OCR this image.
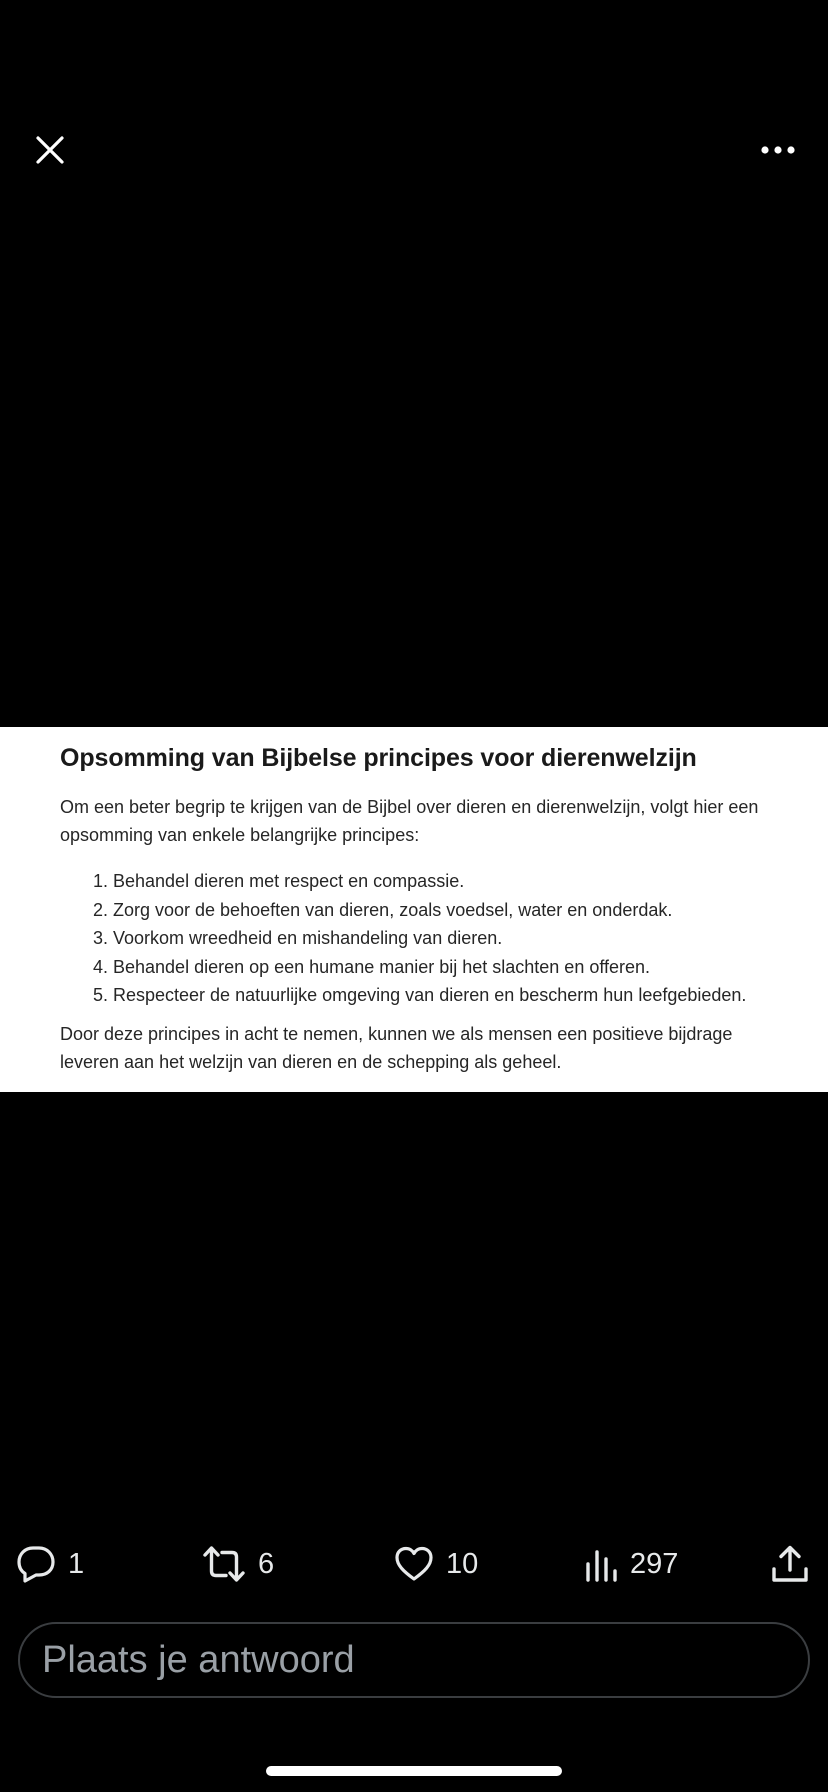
Opsomming van Bijbelse principes voor dierenwelzijn

Om een beter begrip te krijgen van de Bijbel over dieren en dierenwelzijn, volgt hier een opsomming van enkele belangrijke principes:

1. Behandel dieren met respect en compassie.
2. Zorg voor de behoeften van dieren, zoals voedsel, water en onderdak.
3. Voorkom wreedheid en mishandeling van dieren.
4. Behandel dieren op een humane manier bij het slachten en offeren.
5. Respecteer de natuurlijke omgeving van dieren en bescherm hun leefgebieden.

Door deze principes in acht te nemen, kunnen we als mensen een positieve bijdrage leveren aan het welzijn van dieren en de schepping als geheel.

1	6	10	297
Plaats je antwoord
